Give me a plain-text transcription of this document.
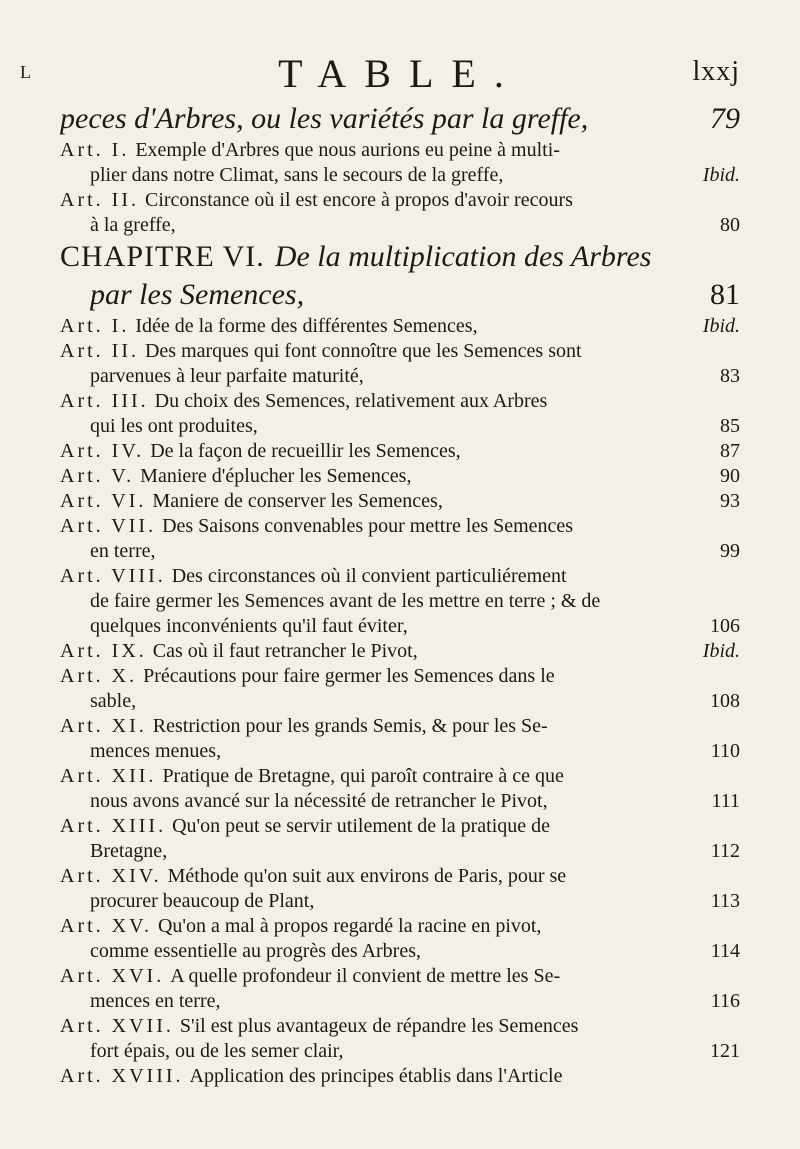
L	TABLE.	lxxj
peces d'Arbres, ou les variétés par la greffe,	79
Art. I. Exemple d'Arbres que nous aurions eu peine à multi-
plier dans notre Climat, sans le secours de la greffe,	Ibid.
Art. II. Circonstance où il est encore à propos d'avoir recours
à la greffe,	80
CHAPITRE VI. De la multiplication des Arbres
par les Semences,	81
Art. I. Idée de la forme des différentes Semences,	Ibid.
Art. II. Des marques qui font connoître que les Semences sont
parvenues à leur parfaite maturité,	83
Art. III. Du choix des Semences, relativement aux Arbres
qui les ont produites,	85
Art. IV. De la façon de recueillir les Semences,	87
Art. V. Maniere d'éplucher les Semences,	90
Art. VI. Maniere de conserver les Semences,	93
Art. VII. Des Saisons convenables pour mettre les Semences
en terre,	99
Art. VIII. Des circonstances où il convient particuliérement
de faire germer les Semences avant de les mettre en terre ; & de
quelques inconvénients qu'il faut éviter,	106
Art. IX. Cas où il faut retrancher le Pivot,	Ibid.
Art. X. Précautions pour faire germer les Semences dans le
sable,	108
Art. XI. Restriction pour les grands Semis, & pour les Se-
mences menues,	110
Art. XII. Pratique de Bretagne, qui paroît contraire à ce que
nous avons avancé sur la nécessité de retrancher le Pivot,	111
Art. XIII. Qu'on peut se servir utilement de la pratique de
Bretagne,	112
Art. XIV. Méthode qu'on suit aux environs de Paris, pour se
procurer beaucoup de Plant,	113
Art. XV. Qu'on a mal à propos regardé la racine en pivot,
comme essentielle au progrès des Arbres,	114
Art. XVI. A quelle profondeur il convient de mettre les Se-
mences en terre,	116
Art. XVII. S'il est plus avantageux de répandre les Semences
fort épais, ou de les semer clair,	121
Art. XVIII. Application des principes établis dans l'Article
